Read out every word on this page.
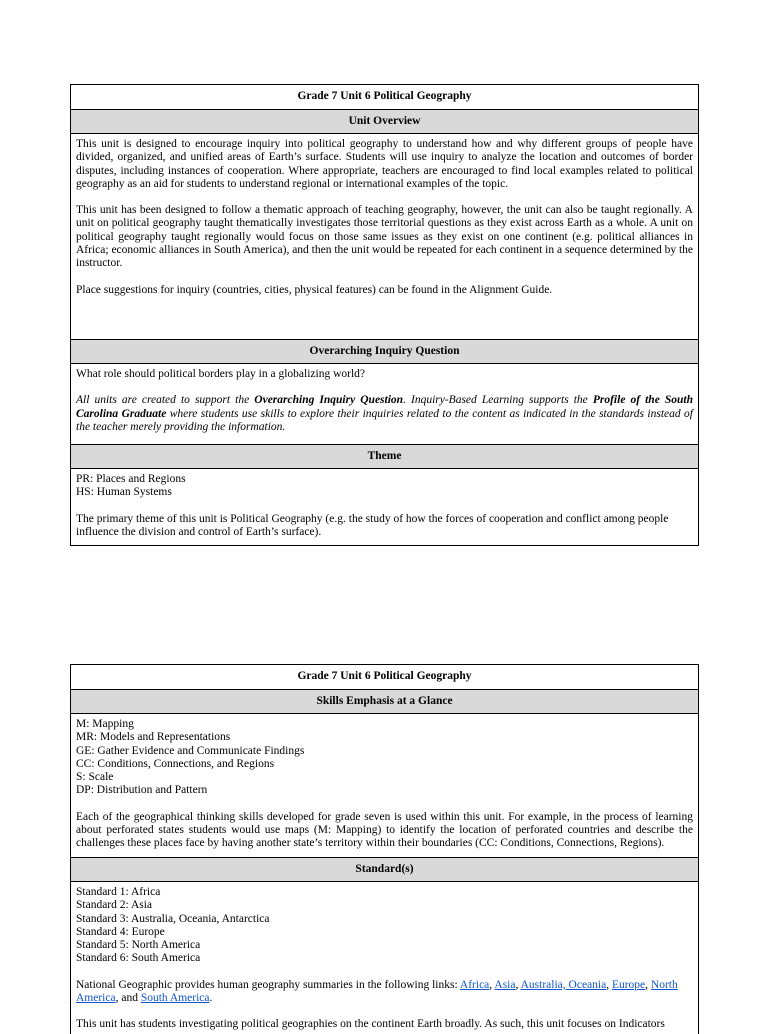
Grade 7 Unit 6 Political Geography
Unit Overview

This unit is designed to encourage inquiry into political geography to understand how and why different groups of people have divided, organized, and unified areas of Earth’s surface. Students will use inquiry to analyze the location and outcomes of border disputes, including instances of cooperation. Where appropriate, teachers are encouraged to find local examples related to political geography as an aid for students to understand regional or international examples of the topic.

This unit has been designed to follow a thematic approach of teaching geography, however, the unit can also be taught regionally. A unit on political geography taught thematically investigates those territorial questions as they exist across Earth as a whole. A unit on political geography taught regionally would focus on those same issues as they exist on one continent (e.g. political alliances in Africa; economic alliances in South America), and then the unit would be repeated for each continent in a sequence determined by the instructor.

Place suggestions for inquiry (countries, cities, physical features) can be found in the Alignment Guide.

Overarching Inquiry Question

What role should political borders play in a globalizing world?

All units are created to support the Overarching Inquiry Question. Inquiry-Based Learning supports the Profile of the South Carolina Graduate where students use skills to explore their inquiries related to the content as indicated in the standards instead of the teacher merely providing the information.

Theme
PR: Places and Regions
HS: Human Systems

The primary theme of this unit is Political Geography (e.g. the study of how the forces of cooperation and conflict among people influence the division and control of Earth’s surface).

Grade 7 Unit 6 Political Geography
Skills Emphasis at a Glance
M: Mapping
MR: Models and Representations
GE: Gather Evidence and Communicate Findings
CC: Conditions, Connections, and Regions
S: Scale
DP: Distribution and Pattern

Each of the geographical thinking skills developed for grade seven is used within this unit. For example, in the process of learning about perforated states students would use maps (M: Mapping) to identify the location of perforated countries and describe the challenges these places face by having another state’s territory within their boundaries (CC: Conditions, Connections, Regions).

Standard(s)
Standard 1: Africa
Standard 2: Asia
Standard 3: Australia, Oceania, Antarctica
Standard 4: Europe
Standard 5: North America
Standard 6: South America

National Geographic provides human geography summaries in the following links: Africa, Asia, Australia, Oceania, Europe, North America, and South America.

This unit has students investigating political geographies on the continent Earth broadly. As such, this unit focuses on Indicators
